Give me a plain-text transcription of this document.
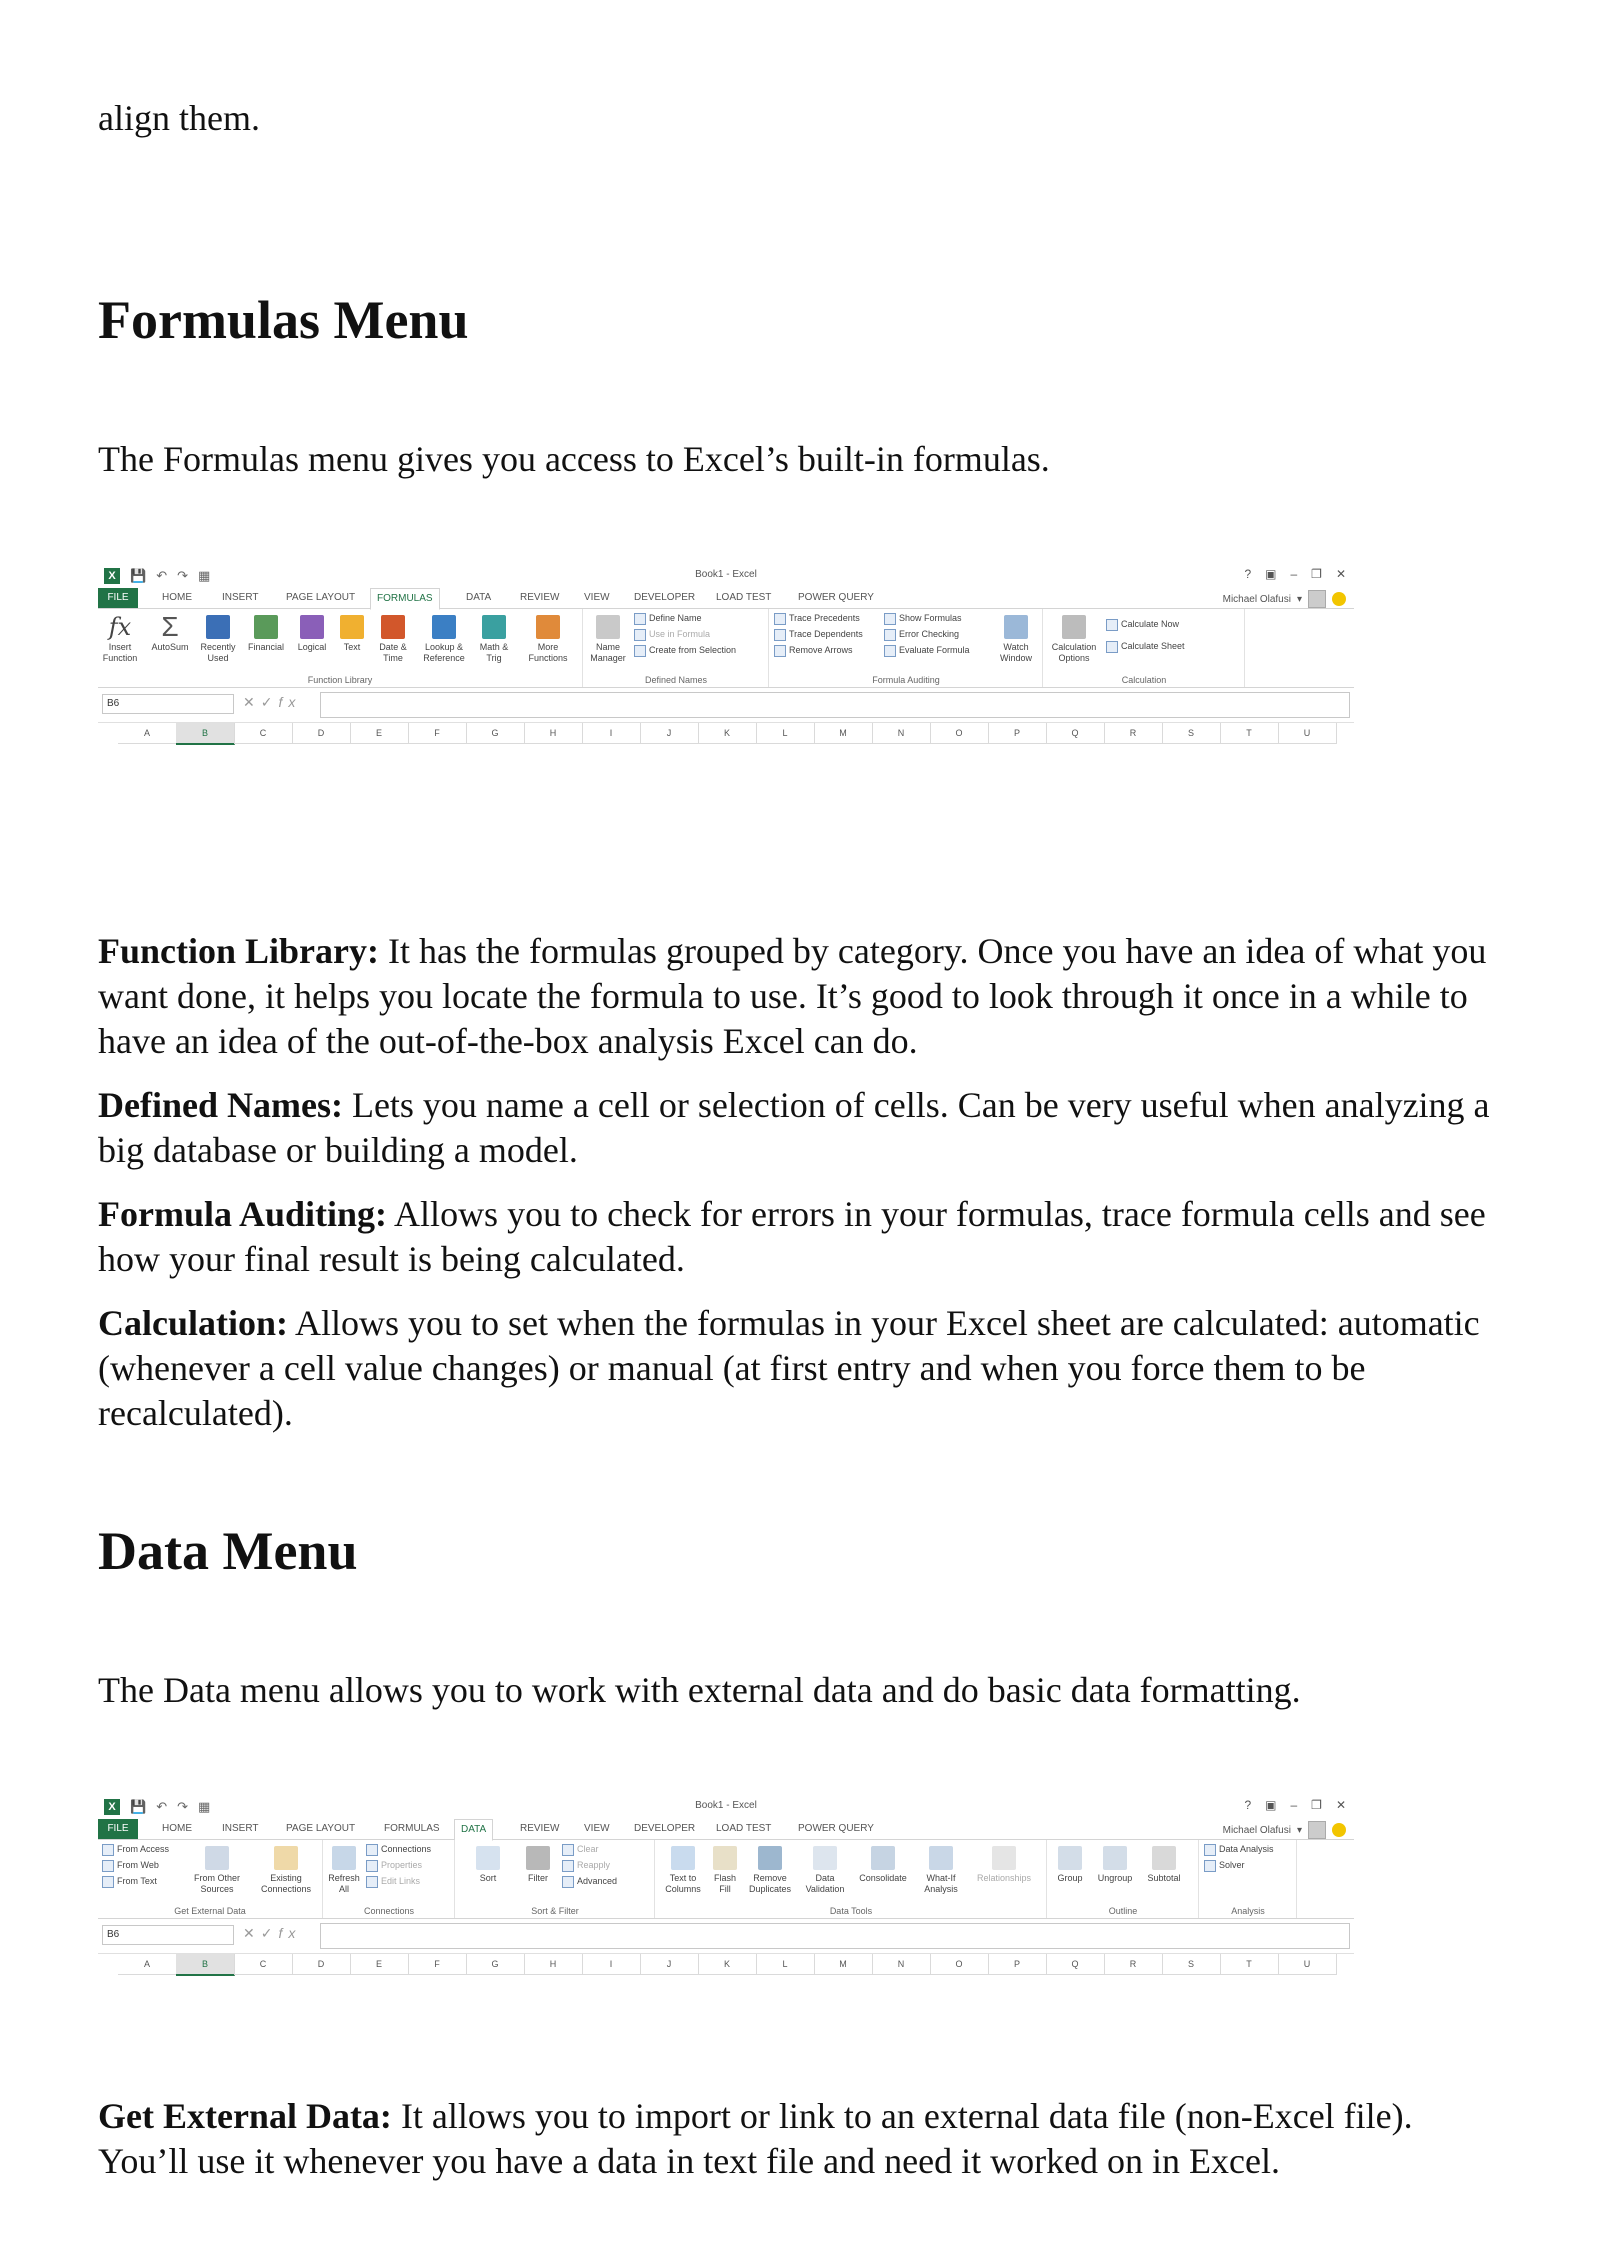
align them.

Formulas Menu

The Formulas menu gives you access to Excel’s built-in formulas.

X	💾 ↶ ↷ ▦	Book1 - Excel	? ▣ – ❐ ✕
FILE	HOME	INSERT	PAGE LAYOUT	FORMULAS	DATA	REVIEW	VIEW	DEVELOPER	LOAD TEST	POWER QUERY	Michael Olafusi ▾
fx
Insert Function
Σ
AutoSum	Recently Used
Financial	Logical	Text	Date & Time
Lookup & Reference
Math & Trig
More Functions
Function Library
Name Manager
Define Name
Use in Formula
Create from Selection
Defined Names
Trace Precedents
Trace Dependents
Remove Arrows
Show Formulas
Error Checking
Evaluate Formula	Watch Window
Formula Auditing
Calculation Options
Calculate Now
Calculate Sheet
Calculation
B6	✕✓fx
A	B	C	D	E	F	G	H	I	J	K	L	M	N	O	P	Q	R	S	T	U

Function Library: It has the formulas grouped by category. Once you have an idea of what you want done, it helps you locate the formula to use. It’s good to look through it once in a while to have an idea of the out-of-the-box analysis Excel can do.

Defined Names: Lets you name a cell or selection of cells. Can be very useful when analyzing a big database or building a model.

Formula Auditing: Allows you to check for errors in your formulas, trace formula cells and see how your final result is being calculated.

Calculation: Allows you to set when the formulas in your Excel sheet are calculated: automatic (whenever a cell value changes) or manual (at first entry and when you force them to be recalculated).

Data Menu

The Data menu allows you to work with external data and do basic data formatting.

X	💾 ↶ ↷ ▦	Book1 - Excel	? ▣ – ❐ ✕
FILE	HOME	INSERT	PAGE LAYOUT	FORMULAS	DATA	REVIEW	VIEW	DEVELOPER	LOAD TEST	POWER QUERY	Michael Olafusi ▾
From Access
From Web
From Text	From Other Sources
Existing Connections
Get External Data
Refresh All
Connections
Properties
Edit Links
Connections
Sort	Filter
Clear
Reapply
Advanced
Sort & Filter
Text to Columns
Flash Fill
Remove Duplicates
Data Validation
Consolidate	What-If Analysis
Relationships
Data Tools
Group	Ungroup	Subtotal
Outline
Data Analysis
Solver
Analysis
B6	✕✓fx
A	B	C	D	E	F	G	H	I	J	K	L	M	N	O	P	Q	R	S	T	U

Get External Data: It allows you to import or link to an external data file (non-Excel file). You’ll use it whenever you have a data in text file and need it worked on in Excel.
